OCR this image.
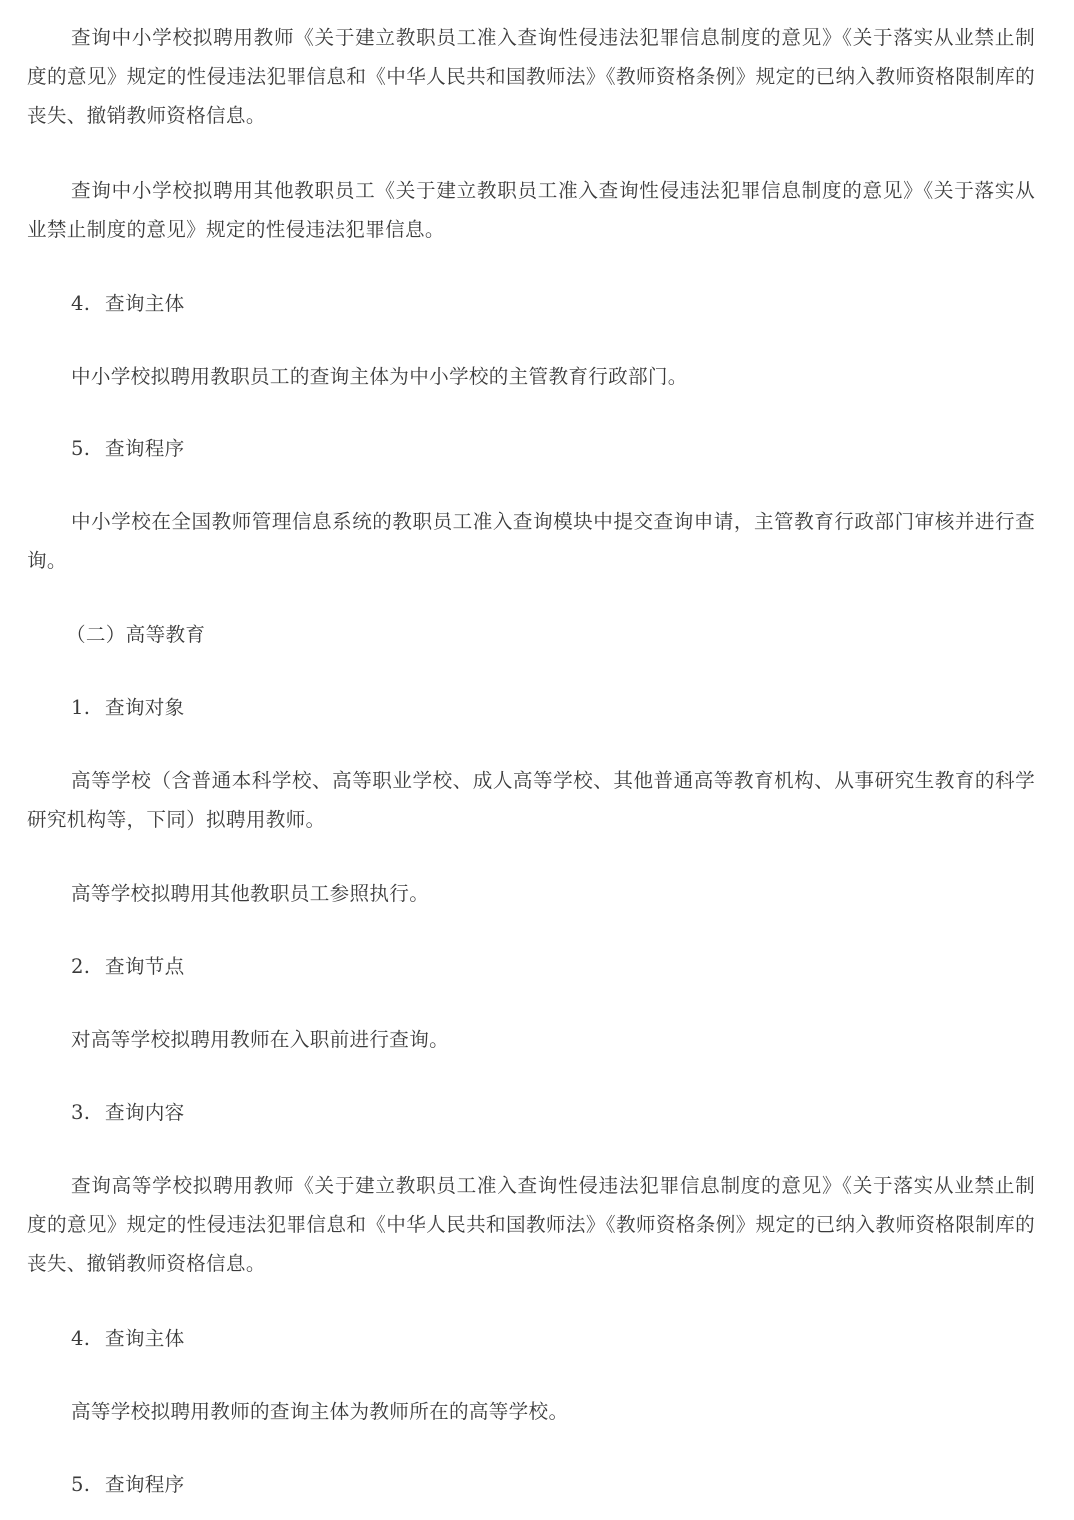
查询中小学校拟聘用教师《关于建立教职员工准入查询性侵违法犯罪信息制度的意见》《关于落实从业禁止制度的意见》规定的性侵违法犯罪信息和《中华人民共和国教师法》《教师资格条例》规定的已纳入教师资格限制库的丧失、撤销教师资格信息。

查询中小学校拟聘用其他教职员工《关于建立教职员工准入查询性侵违法犯罪信息制度的意见》《关于落实从业禁止制度的意见》规定的性侵违法犯罪信息。

4. 查询主体

中小学校拟聘用教职员工的查询主体为中小学校的主管教育行政部门。

5. 查询程序

中小学校在全国教师管理信息系统的教职员工准入查询模块中提交查询申请，主管教育行政部门审核并进行查询。

（二）高等教育

1. 查询对象

高等学校（含普通本科学校、高等职业学校、成人高等学校、其他普通高等教育机构、从事研究生教育的科学研究机构等，下同）拟聘用教师。

高等学校拟聘用其他教职员工参照执行。

2. 查询节点

对高等学校拟聘用教师在入职前进行查询。

3. 查询内容

查询高等学校拟聘用教师《关于建立教职员工准入查询性侵违法犯罪信息制度的意见》《关于落实从业禁止制度的意见》规定的性侵违法犯罪信息和《中华人民共和国教师法》《教师资格条例》规定的已纳入教师资格限制库的丧失、撤销教师资格信息。

4. 查询主体

高等学校拟聘用教师的查询主体为教师所在的高等学校。

5. 查询程序
